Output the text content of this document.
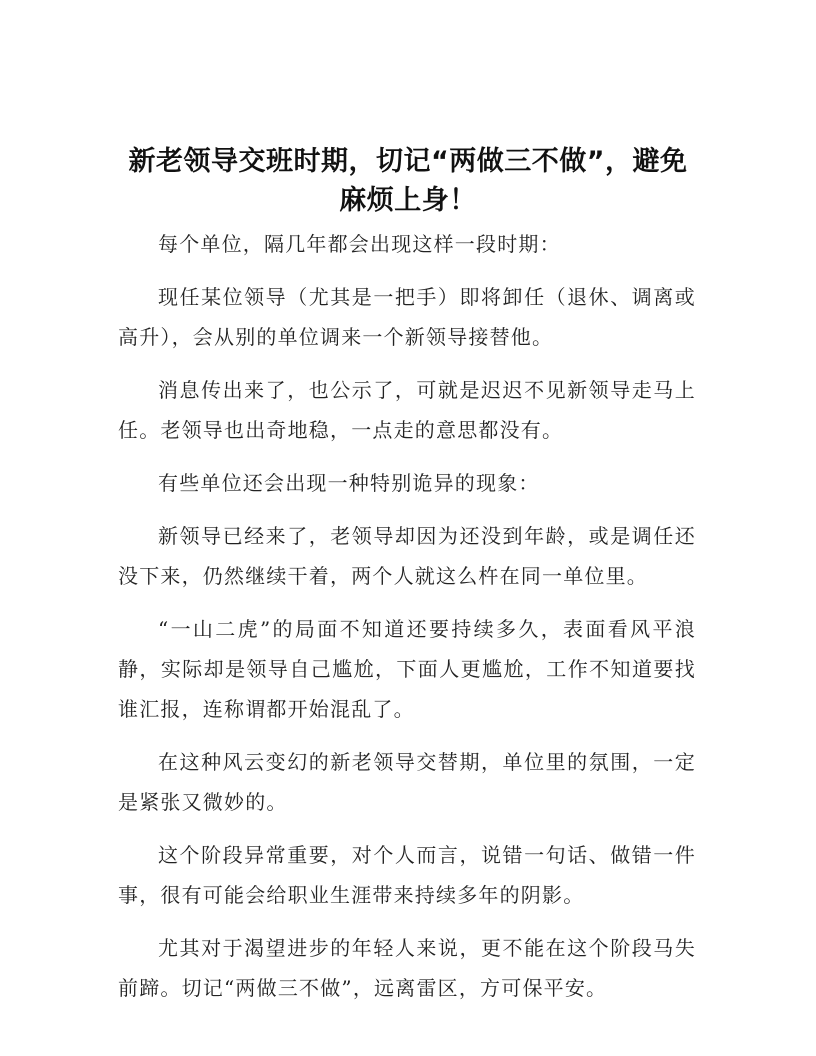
新老领导交班时期，切记“两做三不做”，避免麻烦上身！

每个单位，隔几年都会出现这样一段时期：

现任某位领导（尤其是一把手）即将卸任（退休、调离或高升），会从别的单位调来一个新领导接替他。

消息传出来了，也公示了，可就是迟迟不见新领导走马上任。老领导也出奇地稳，一点走的意思都没有。

有些单位还会出现一种特别诡异的现象：

新领导已经来了，老领导却因为还没到年龄，或是调任还没下来，仍然继续干着，两个人就这么杵在同一单位里。

“一山二虎”的局面不知道还要持续多久，表面看风平浪静，实际却是领导自己尴尬，下面人更尴尬，工作不知道要找谁汇报，连称谓都开始混乱了。

在这种风云变幻的新老领导交替期，单位里的氛围，一定是紧张又微妙的。

这个阶段异常重要，对个人而言，说错一句话、做错一件事，很有可能会给职业生涯带来持续多年的阴影。

尤其对于渴望进步的年轻人来说，更不能在这个阶段马失前蹄。切记“两做三不做”，远离雷区，方可保平安。
